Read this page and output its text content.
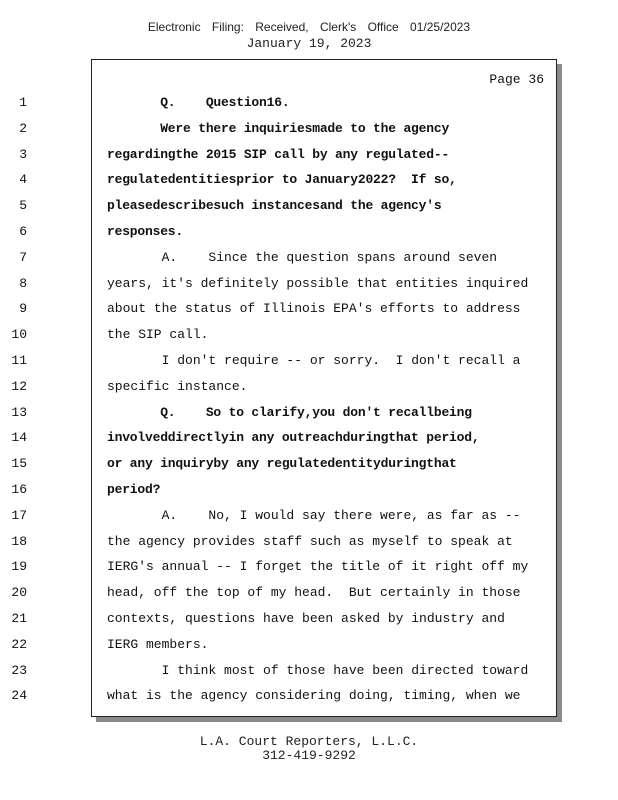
Electronic Filing: Received, Clerk's Office 01/25/2023
January 19, 2023
Page 36
1	Q.    Question16.
2	Were there inquiriesmade to the agency
3	regardingthe 2015 SIP call by any regulated--
4	regulatedentitiesprior to January2022?  If so,
5	pleasedescribesuch instancesand the agency's
6	responses.
7	A.    Since the question spans around seven
8	years, it's definitely possible that entities inquired
9	about the status of Illinois EPA's efforts to address
10	the SIP call.
11	I don't require -- or sorry.  I don't recall a
12	specific instance.
13	Q.    So to clarify,you don't recallbeing
14	involveddirectlyin any outreachduringthat period,
15	or any inquiryby any regulatedentityduringthat
16	period?
17	A.    No, I would say there were, as far as --
18	the agency provides staff such as myself to speak at
19	IERG's annual -- I forget the title of it right off my
20	head, off the top of my head.  But certainly in those
21	contexts, questions have been asked by industry and
22	IERG members.
23	I think most of those have been directed toward
24	what is the agency considering doing, timing, when we
L.A. Court Reporters, L.L.C.
312-419-9292
